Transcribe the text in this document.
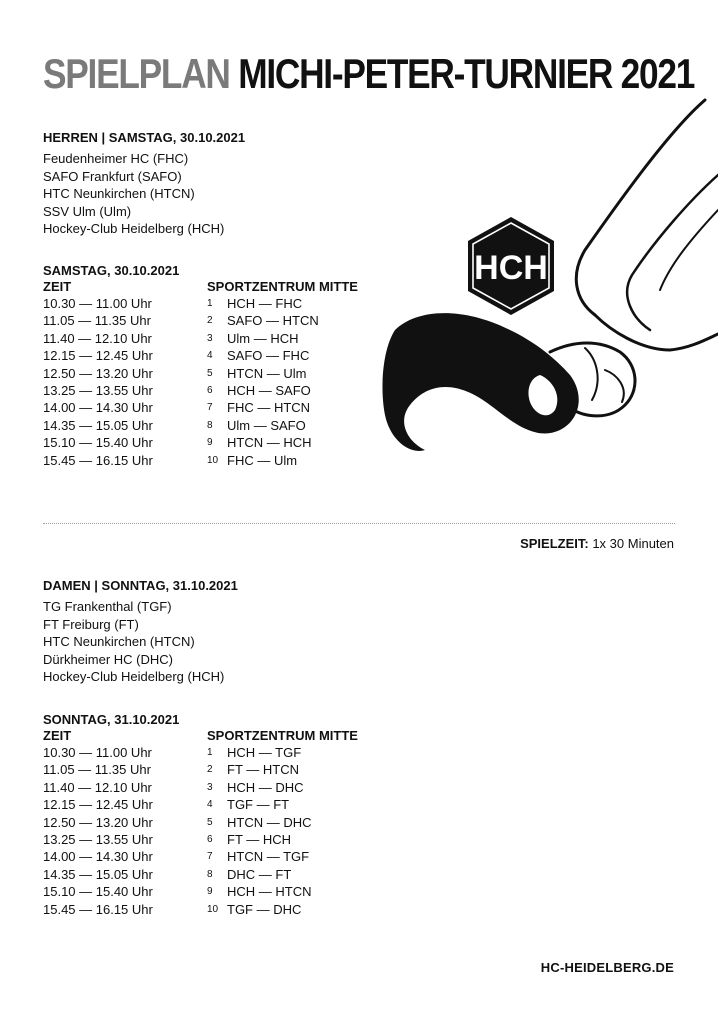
SPIELPLAN MICHI-PETER-TURNIER 2021
HERREN | SAMSTAG, 30.10.2021
Feudenheimer HC (FHC)
SAFO Frankfurt (SAFO)
HTC Neunkirchen (HTCN)
SSV Ulm (Ulm)
Hockey-Club Heidelberg (HCH)
SAMSTAG, 30.10.2021
ZEIT	SPORTZENTRUM MITTE
10.30 — 11.00 Uhr	1	HCH — FHC
11.05 — 11.35 Uhr	2	SAFO — HTCN
11.40 — 12.10 Uhr	3	Ulm — HCH
12.15 — 12.45 Uhr	4	SAFO — FHC
12.50 — 13.20 Uhr	5	HTCN — Ulm
13.25 — 13.55 Uhr	6	HCH — SAFO
14.00 — 14.30 Uhr	7	FHC — HTCN
14.35 — 15.05 Uhr	8	Ulm — SAFO
15.10 — 15.40 Uhr	9	HTCN — HCH
15.45 — 16.15 Uhr	10 FHC — Ulm
HCH
SPIELZEIT: 1x 30 Minuten
DAMEN | SONNTAG, 31.10.2021
TG Frankenthal (TGF)
FT Freiburg (FT)
HTC Neunkirchen (HTCN)
Dürkheimer HC (DHC)
Hockey-Club Heidelberg (HCH)
SONNTAG, 31.10.2021
ZEIT	SPORTZENTRUM MITTE
10.30 — 11.00 Uhr	1	HCH — TGF
11.05 — 11.35 Uhr	2	FT — HTCN
11.40 — 12.10 Uhr	3	HCH — DHC
12.15 — 12.45 Uhr	4	TGF — FT
12.50 — 13.20 Uhr	5	HTCN — DHC
13.25 — 13.55 Uhr	6	FT — HCH
14.00 — 14.30 Uhr	7	HTCN — TGF
14.35 — 15.05 Uhr	8	DHC — FT
15.10 — 15.40 Uhr	9	HCH — HTCN
15.45 — 16.15 Uhr	10 TGF — DHC
HC-HEIDELBERG.DE
